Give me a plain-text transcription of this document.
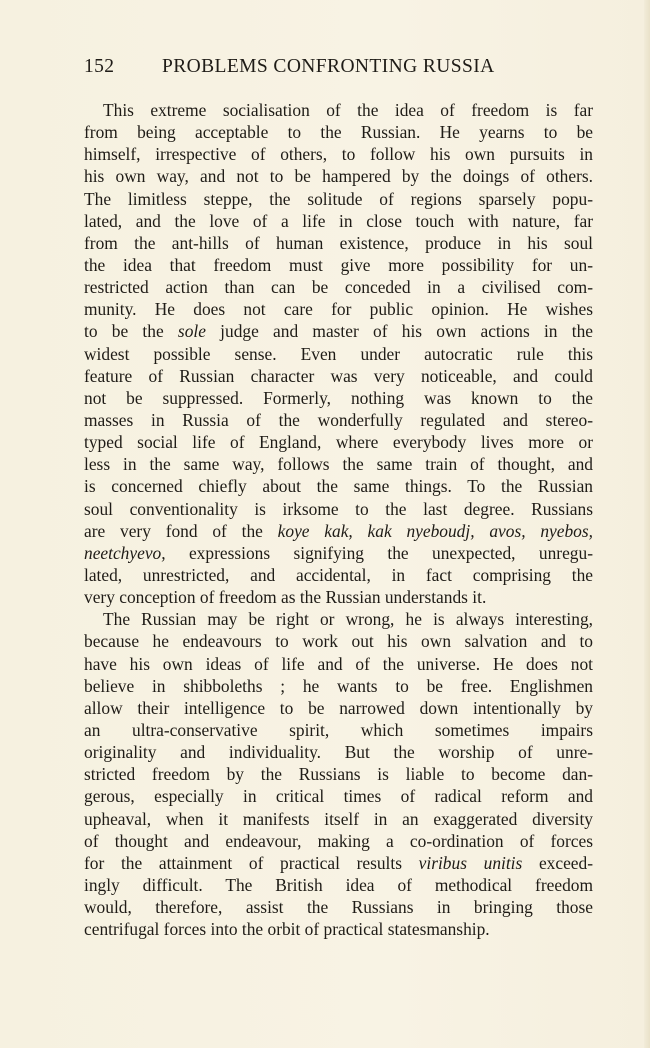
152 PROBLEMS CONFRONTING RUSSIA
This extreme socialisation of the idea of freedom is far
from being acceptable to the Russian. He yearns to be
himself, irrespective of others, to follow his own pursuits in
his own way, and not to be hampered by the doings of others.
The limitless steppe, the solitude of regions sparsely popu-
lated, and the love of a life in close touch with nature, far
from the ant-hills of human existence, produce in his soul
the idea that freedom must give more possibility for un-
restricted action than can be conceded in a civilised com-
munity. He does not care for public opinion. He wishes
to be the sole judge and master of his own actions in the
widest possible sense. Even under autocratic rule this
feature of Russian character was very noticeable, and could
not be suppressed. Formerly, nothing was known to the
masses in Russia of the wonderfully regulated and stereo-
typed social life of England, where everybody lives more or
less in the same way, follows the same train of thought, and
is concerned chiefly about the same things. To the Russian
soul conventionality is irksome to the last degree. Russians
are very fond of the koye kak, kak nyeboudj, avos, nyebos,
neetchyevo, expressions signifying the unexpected, unregu-
lated, unrestricted, and accidental, in fact comprising the
very conception of freedom as the Russian understands it.
The Russian may be right or wrong, he is always interesting,
because he endeavours to work out his own salvation and to
have his own ideas of life and of the universe. He does not
believe in shibboleths ; he wants to be free. Englishmen
allow their intelligence to be narrowed down intentionally by
an ultra-conservative spirit, which sometimes impairs
originality and individuality. But the worship of unre-
stricted freedom by the Russians is liable to become dan-
gerous, especially in critical times of radical reform and
upheaval, when it manifests itself in an exaggerated diversity
of thought and endeavour, making a co-ordination of forces
for the attainment of practical results viribus unitis exceed-
ingly difficult. The British idea of methodical freedom
would, therefore, assist the Russians in bringing those
centrifugal forces into the orbit of practical statesmanship.
